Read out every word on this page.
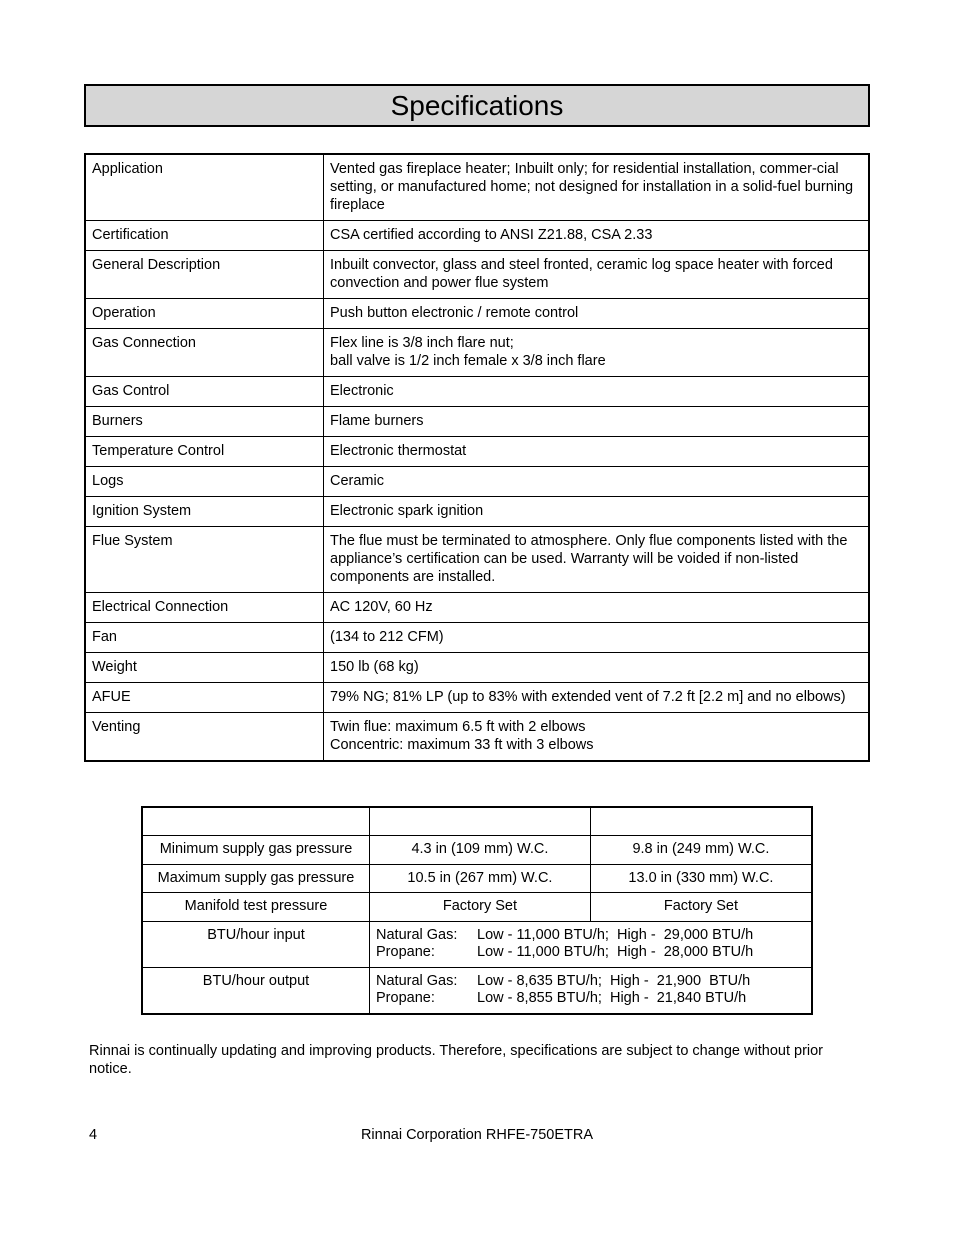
Specifications
Application	Vented gas fireplace heater; Inbuilt only; for residential installation, commer-cial setting, or manufactured home; not designed for installation in a solid-fuel burning fireplace
Certification	CSA certified according to ANSI Z21.88, CSA 2.33
General Description	Inbuilt convector, glass and steel fronted, ceramic log space heater with forced convection and power flue system
Operation	Push button electronic / remote control
Gas Connection	Flex line is 3/8 inch flare nut;
ball valve is 1/2 inch female x 3/8 inch flare

Gas Control	Electronic
Burners	Flame burners
Temperature Control	Electronic thermostat
Logs	Ceramic
Ignition System	Electronic spark ignition
Flue System	The flue must be terminated to atmosphere. Only flue components listed with the appliance’s certification can be used. Warranty will be voided if non-listed components are installed.
Electrical Connection	AC 120V, 60 Hz
Fan	(134 to 212 CFM)
Weight	150 lb (68 kg)
AFUE	79% NG; 81% LP (up to 83% with extended vent of 7.2 ft [2.2 m] and no elbows)
Venting	Twin flue: maximum 6.5 ft with 2 elbows
Concentric: maximum 33 ft with 3 elbows

Minimum supply gas pressure	4.3 in (109 mm) W.C.	9.8 in (249 mm) W.C.
Maximum supply gas pressure	10.5 in (267 mm) W.C.	13.0 in (330 mm) W.C.
Manifold test pressure	Factory Set	Factory Set
BTU/hour input	Natural Gas: Low - 11,000 BTU/h;  High -  29,000 BTU/h
Propane: Low - 11,000 BTU/h;  High -  28,000 BTU/h	

BTU/hour output	Natural Gas: Low - 8,635 BTU/h;  High -  21,900  BTU/h
Propane: Low - 8,855 BTU/h;  High -  21,840 BTU/h	

Rinnai is continually updating and improving products. Therefore, specifications are subject to change without prior notice.

4	Rinnai Corporation RHFE-750ETRA
